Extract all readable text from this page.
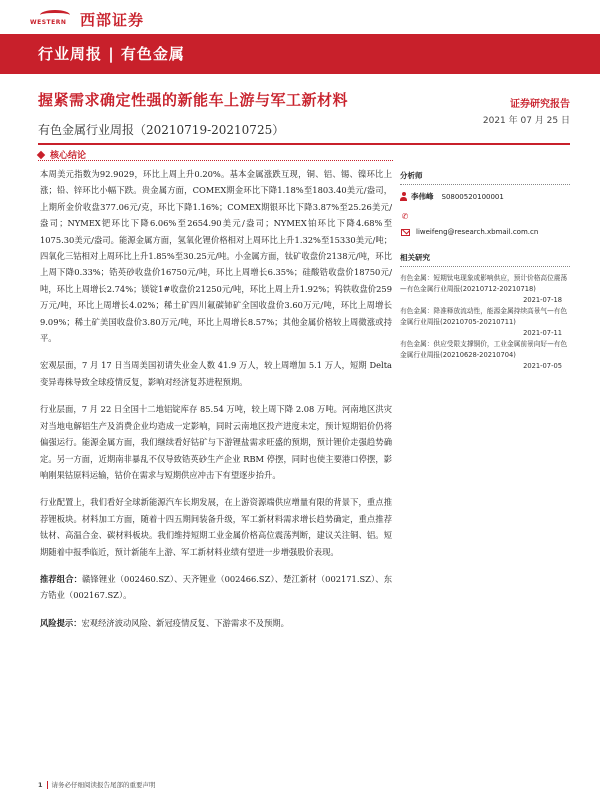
WESTERN 西部证券
行业周报 | 有色金属
握紧需求确定性强的新能车上游与军工新材料	证券研究报告
2021 年 07 月 25 日
有色金属行业周报（20210719-20210725）
核心结论

本周美元指数为92.9029，环比上周上升0.20%。基本金属涨跌互现，铜、铝、锡、镍环比上涨；铅、锌环比小幅下跌。贵金属方面，COMEX期金环比下降1.18%至1803.40美元/盎司，上期所金价收盘377.06元/克，环比下降1.16%；COMEX期银环比下降3.87%至25.26美元/盎司；NYMEX钯环比下降6.06%至2654.90美元/盎司；NYMEX铂环比下降4.68%至1075.30美元/盎司。能源金属方面，氢氧化锂价格相对上周环比上升1.32%至15330美元/吨；四氧化三钴相对上周环比上升1.85%至30.25元/吨。小金属方面，钛矿收盘价2138元/吨，环比上周下降0.33%；锆英砂收盘价16750元/吨，环比上周增长6.35%；硅酸锆收盘价18750元/吨，环比上周增长2.74%；镁锭1#收盘价21250元/吨，环比上周上升1.92%；钨铁收盘价259万元/吨，环比上周增长4.02%；稀土矿四川氟碳铈矿全国收盘价3.60万元/吨，环比上周增长9.09%；稀土矿美国收盘价3.80万元/吨，环比上周增长8.57%；其他金属价格较上周微涨或持平。

宏观层面，7 月 17 日当周美国初请失业金人数 41.9 万人，较上周增加 5.1 万人，短期 Delta 变异毒株导致全球疫情反复，影响对经济复苏进程预期。

行业层面，7 月 22 日全国十二地铝锭库存 85.54 万吨，较上周下降 2.08 万吨。河南地区洪灾对当地电解铝生产及消费企业均造成一定影响，同时云南地区投产进度未定，预计短期铝价仍将偏强运行。能源金属方面，我们继续看好钴矿与下游锂盐需求旺盛的预期，预计锂价走强趋势确定。另一方面，近期南非暴乱不仅导致锆英砂生产企业 RBM 停摆，同时也使主要港口停摆，影响刚果钴原料运输，钴价在需求与短期供应冲击下有望逐步抬升。

行业配置上，我们看好全球新能源汽车长期发展，在上游资源端供应增量有限的背景下，重点推荐锂板块。材料加工方面，随着十四五期间装备升级，军工新材料需求增长趋势确定，重点推荐钛材、高温合金、碳材料板块。我们维持短期工业金属价格高位震荡判断，建议关注铜、铝。短期随着中报季临近，预计新能车上游、军工新材料业绩有望进一步增强股价表现。

推荐组合：赣锋锂业（002460.SZ）、天齐锂业（002466.SZ）、楚江新材（002171.SZ）、东方锆业（002167.SZ）。

风险提示：宏观经济波动风险、新冠疫情反复、下游需求不及预期。

分析师
李伟峰 S0800520100001
✆
liweifeng@research.xbmail.com.cn
相关研究
有色金属：短期钛电现象或影响供应，预计价格高位震荡—有色金属行业周报(20210712-20210718)
2021-07-18
有色金属：降准释放流动性，能源金属持续高景气—有色金属行业周报(20210705-20210711)
2021-07-11
有色金属：供应受限支撑铜价，工业金属前景向好—有色金属行业周报(20210628-20210704)
2021-07-05
1 请务必仔细阅读报告尾部的重要声明
